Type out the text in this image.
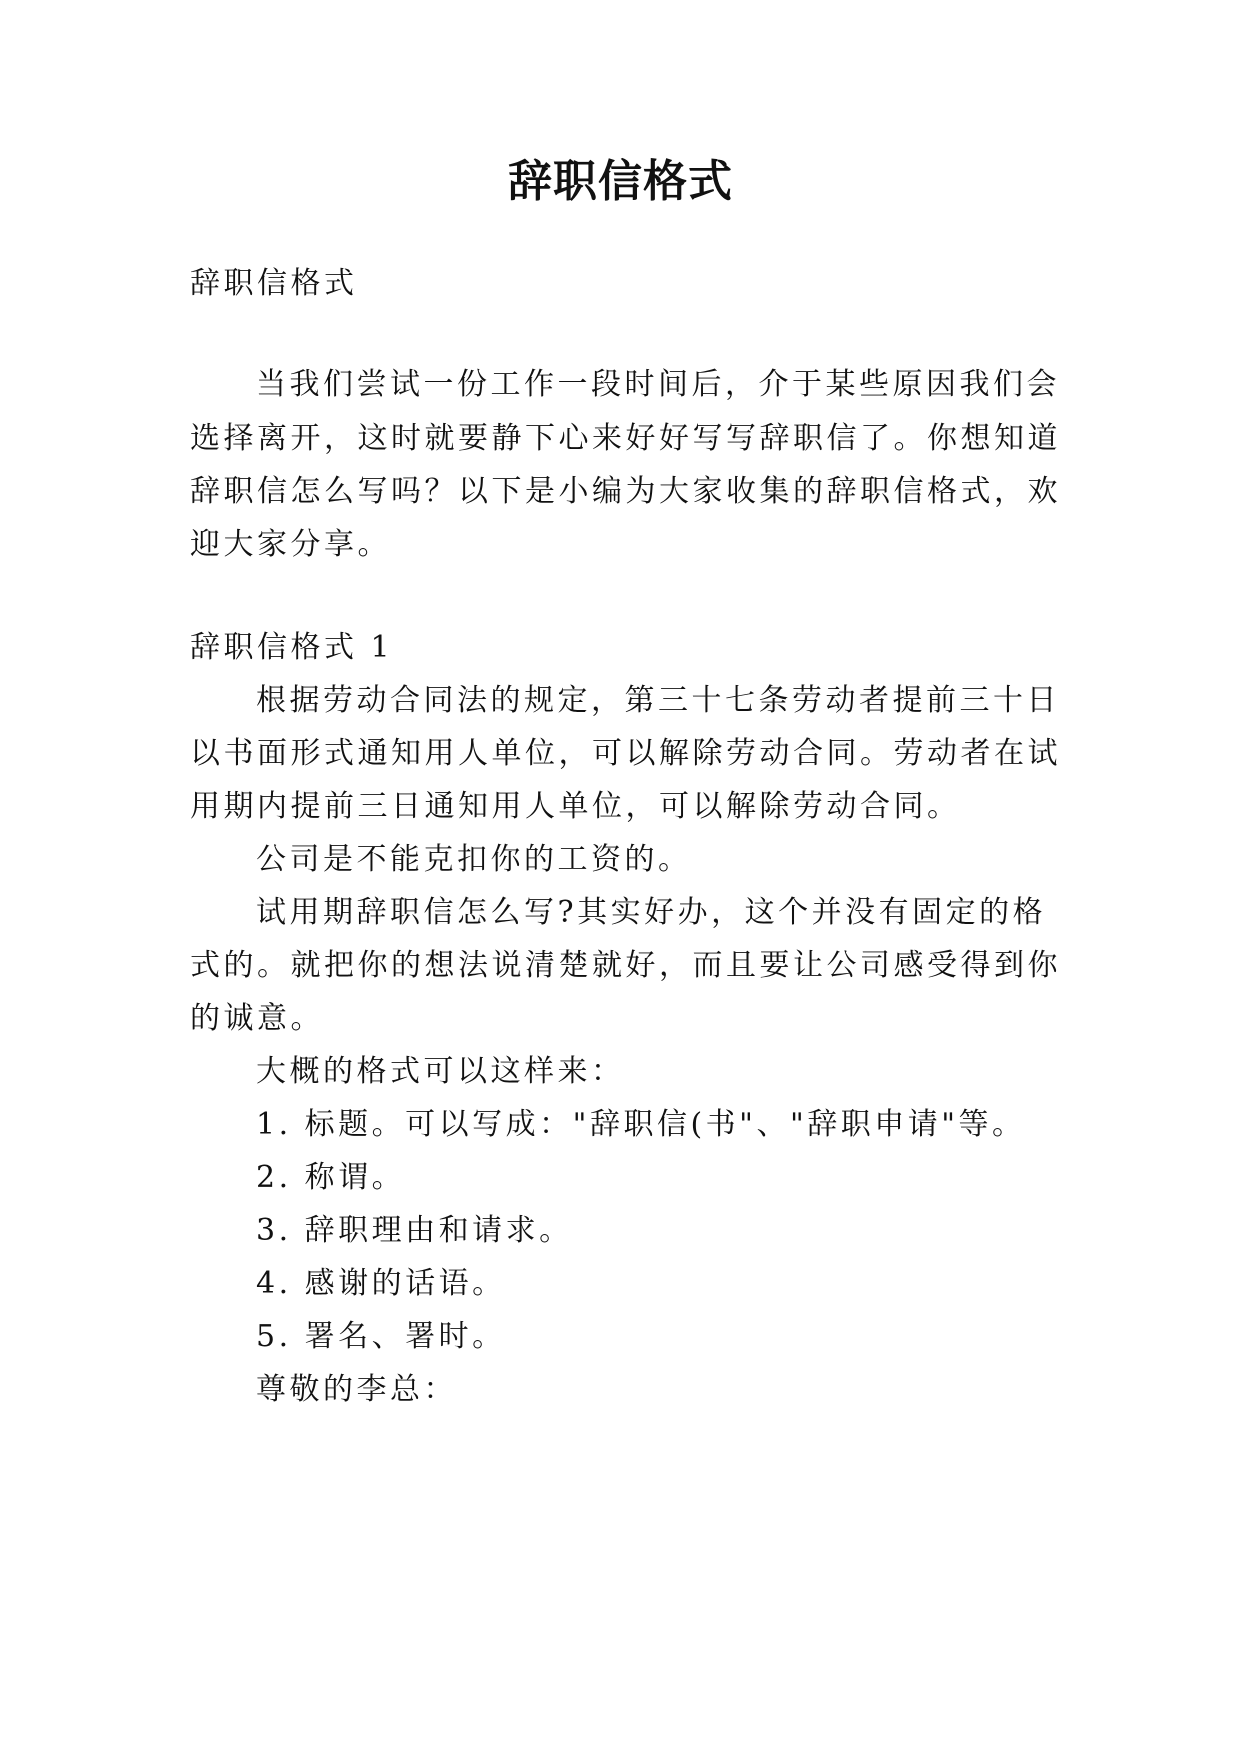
辞职信格式
辞职信格式
当我们尝试一份工作一段时间后，介于某些原因我们会
选择离开，这时就要静下心来好好写写辞职信了。你想知道
辞职信怎么写吗？以下是小编为大家收集的辞职信格式，欢
迎大家分享。
辞职信格式 1
根据劳动合同法的规定，第三十七条劳动者提前三十日
以书面形式通知用人单位，可以解除劳动合同。劳动者在试
用期内提前三日通知用人单位，可以解除劳动合同。
公司是不能克扣你的工资的。
试用期辞职信怎么写?其实好办，这个并没有固定的格
式的。就把你的想法说清楚就好，而且要让公司感受得到你
的诚意。
大概的格式可以这样来：
1. 标题。可以写成："辞职信(书"、"辞职申请"等。
2. 称谓。
3. 辞职理由和请求。
4. 感谢的话语。
5. 署名、署时。
尊敬的李总：
